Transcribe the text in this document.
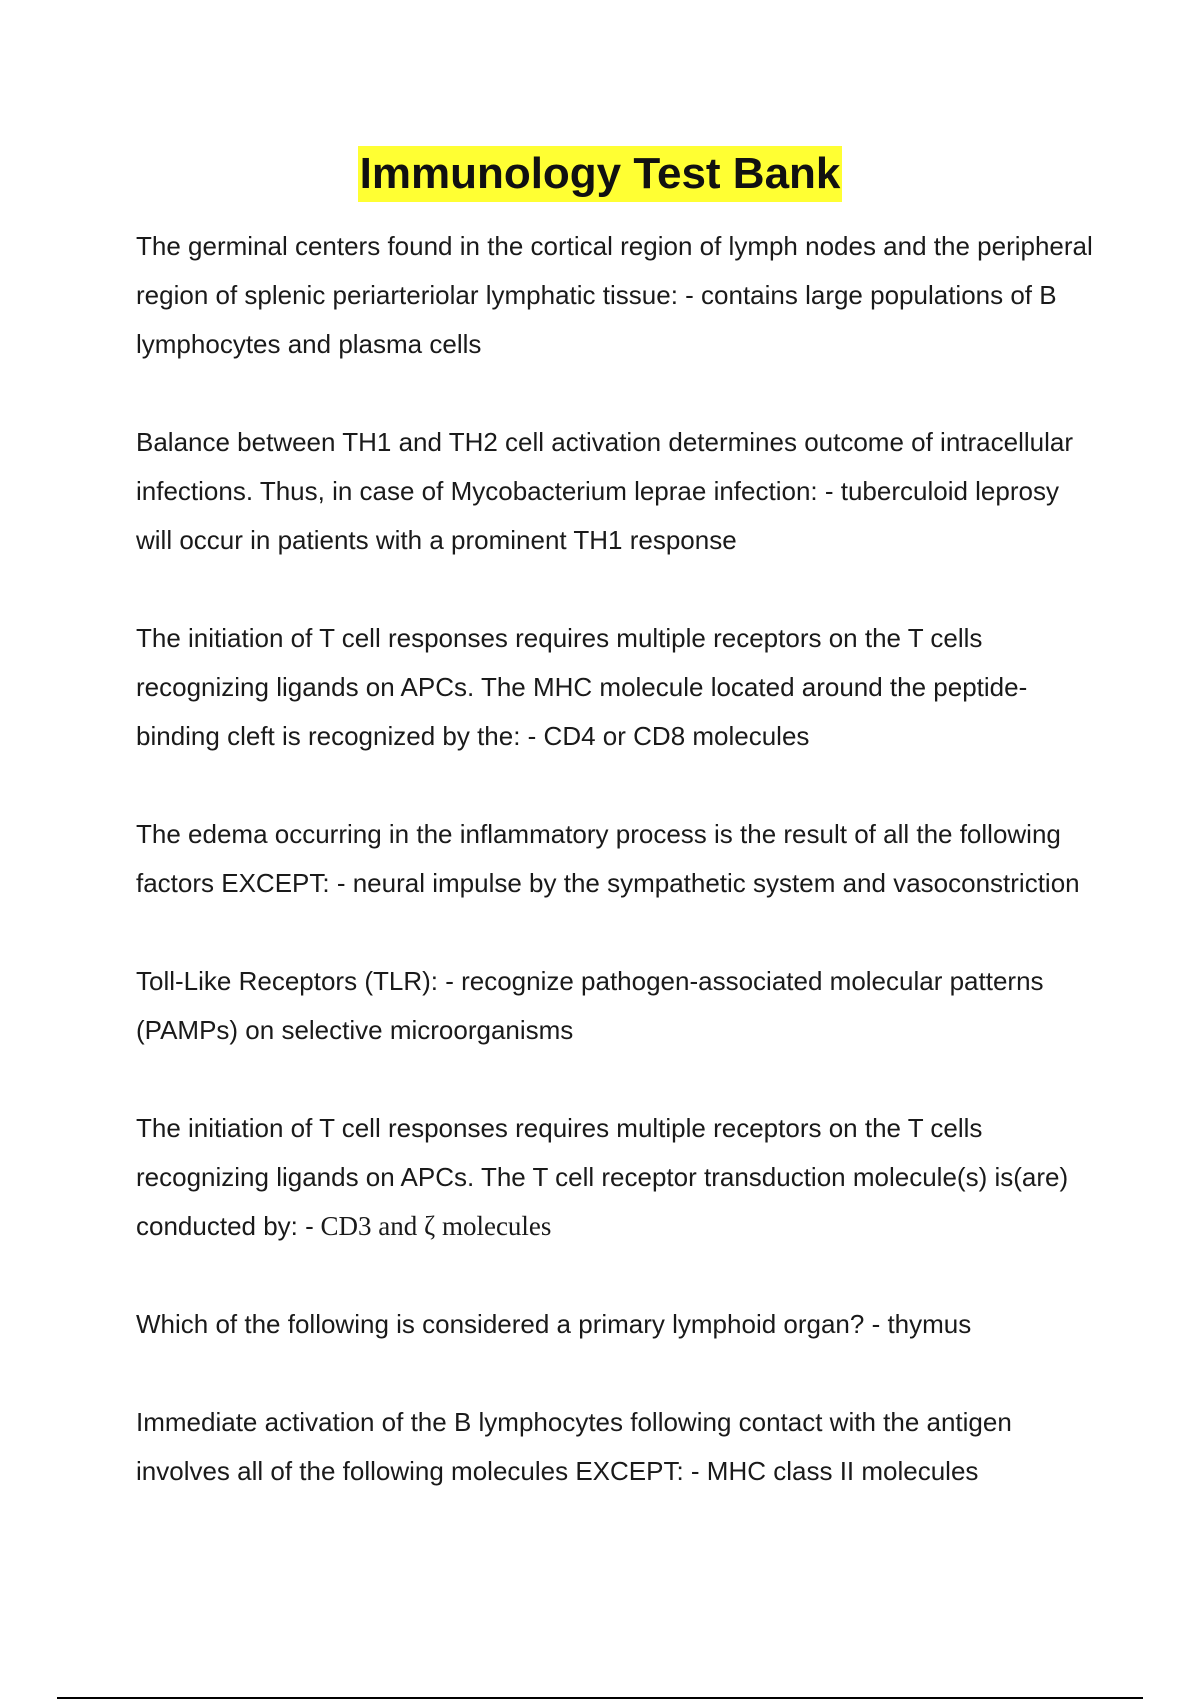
Immunology Test Bank

The germinal centers found in the cortical region of lymph nodes and the peripheral region of splenic periarteriolar lymphatic tissue: - contains large populations of B lymphocytes and plasma cells

Balance between TH1 and TH2 cell activation determines outcome of intracellular infections. Thus, in case of Mycobacterium leprae infection: - tuberculoid leprosy will occur in patients with a prominent TH1 response

The initiation of T cell responses requires multiple receptors on the T cells recognizing ligands on APCs. The MHC molecule located around the peptide-binding cleft is recognized by the: - CD4 or CD8 molecules

The edema occurring in the inflammatory process is the result of all the following factors EXCEPT: - neural impulse by the sympathetic system and vasoconstriction

Toll-Like Receptors (TLR): - recognize pathogen-associated molecular patterns (PAMPs) on selective microorganisms

The initiation of T cell responses requires multiple receptors on the T cells recognizing ligands on APCs. The T cell receptor transduction molecule(s) is(are) conducted by: - CD3 and ζ molecules

Which of the following is considered a primary lymphoid organ? - thymus

Immediate activation of the B lymphocytes following contact with the antigen involves all of the following molecules EXCEPT: - MHC class II molecules
